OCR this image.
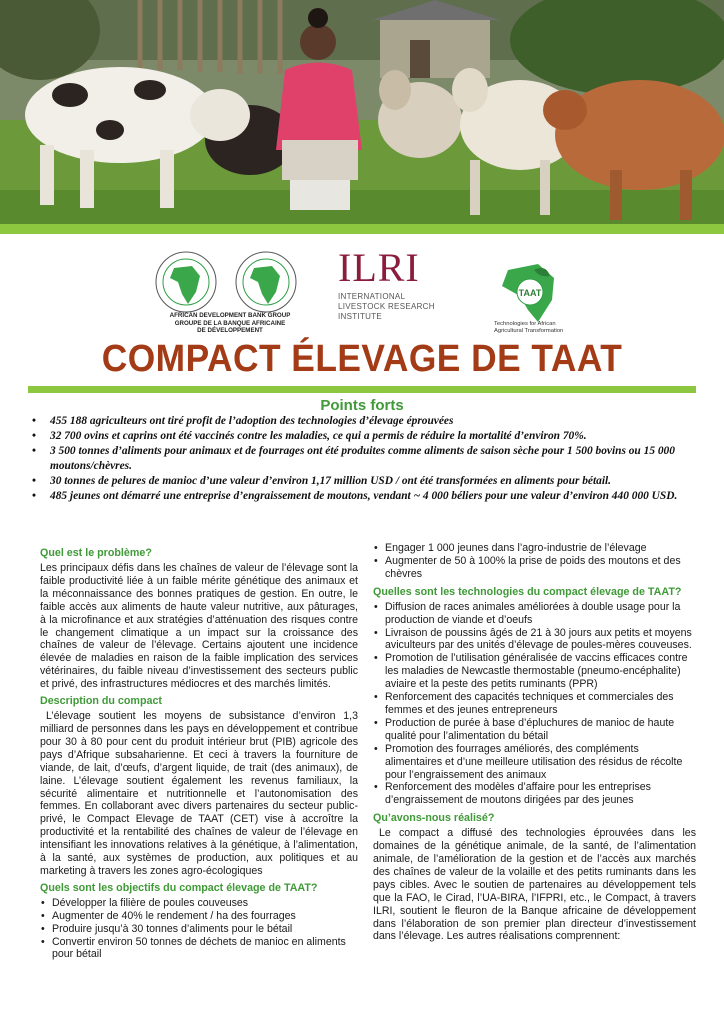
AFRICAN DEVELOPMENT BANK GROUP
GROUPE DE LA BANQUE AFRICAINE
DE DÉVELOPPEMENT
ILRI
INTERNATIONAL
LIVESTOCK RESEARCH
INSTITUTE
TAAT
Technologies for African
Agricultural Transformation
COMPACT ÉLEVAGE DE TAAT
Points forts
• 455 188 agriculteurs ont tiré profit de l’adoption des technologies d’élevage éprouvées
• 32 700 ovins et caprins ont été vaccinés contre les maladies, ce qui a permis de réduire la mortalité d’environ 70%.
• 3 500 tonnes d’aliments pour animaux et de fourrages ont été produites comme aliments de saison sèche pour 1 500 bovins ou 15 000 moutons/chèvres.
• 30 tonnes de pelures de manioc d’une valeur d’environ 1,17 million USD / ont été transformées en aliments pour bétail.
• 485 jeunes ont démarré une entreprise d’engraissement de moutons, vendant ~ 4 000 béliers pour une valeur d’environ 440 000 USD.
Quel est le problème?

Les principaux défis dans les chaînes de valeur de l’élevage sont la faible productivité liée à un faible mérite génétique des animaux et la méconnaissance des bonnes pratiques de gestion. En outre, le faible accès aux aliments de haute valeur nutritive, aux pâturages, à la microfinance et aux stratégies d’atténuation des risques contre le changement climatique a un impact sur la croissance des chaînes de valeur de l’élevage. Certains ajoutent une incidence élevée de maladies en raison de la faible implication des services vétérinaires, du faible niveau d’investissement des secteurs public et privé, des infrastructures médiocres et des marchés limités.

Description du compact

L’élevage soutient les moyens de subsistance d’environ 1,3 milliard de personnes dans les pays en développement et contribue pour 30 à 80 pour cent du produit intérieur brut (PIB) agricole des pays d’Afrique subsaharienne. Et ceci à travers la fourniture de viande, de lait, d’œufs, d’argent liquide, de trait (des animaux), de laine. L’élevage soutient également les revenus familiaux, la sécurité alimentaire et nutritionnelle et l’autonomisation des femmes. En collaborant avec divers partenaires du secteur public-privé, le Compact Elevage de TAAT (CET) vise à accroître la productivité et la rentabilité des chaînes de valeur de l’élevage en intensifiant les innovations relatives à la génétique, à l’alimentation, à la santé, aux systèmes de production, aux politiques et au marketing à travers les zones agro-écologiques

Quels sont les objectifs du compact élevage de TAAT?
• Développer la filière de poules couveuses
• Augmenter de 40% le rendement / ha des fourrages
• Produire jusqu’à 30 tonnes d’aliments pour le bétail
• Convertir environ 50 tonnes de déchets de manioc en aliments pour bétail
• Engager 1 000 jeunes dans l’agro-industrie de l’élevage
• Augmenter de 50 à 100% la prise de poids des moutons et des chèvres
Quelles sont les technologies du compact élevage de TAAT?
• Diffusion de races animales améliorées à double usage pour la production de viande et d’oeufs
• Livraison de poussins âgés de 21 à 30 jours aux petits et moyens aviculteurs par des unités d’élevage de poules-mères couveuses.
• Promotion de l’utilisation généralisée de vaccins efficaces contre les maladies de Newcastle thermostable (pneumo-encéphalite) aviaire et la peste des petits ruminants (PPR)
• Renforcement des capacités techniques et commerciales des femmes et des jeunes entrepreneurs
• Production de purée à base d’épluchures de manioc de haute qualité pour l’alimentation du bétail
• Promotion des fourrages améliorés, des compléments alimentaires et d’une meilleure utilisation des résidus de récolte pour l’engraissement des animaux
• Renforcement des modèles d’affaire pour les entreprises d’engraissement de moutons dirigées par des jeunes
Qu’avons-nous réalisé?

Le compact a diffusé des technologies éprouvées dans les domaines de la génétique animale, de la santé, de l’alimentation animale, de l’amélioration de la gestion et de l’accès aux marchés des chaînes de valeur de la volaille et des petits ruminants dans les pays cibles. Avec le soutien de partenaires au développement tels que la FAO, le Cirad, l’UA-BIRA, l’IFPRI, etc., le Compact, à travers ILRI, soutient le fleuron de la Banque africaine de développement dans l’élaboration de son premier plan directeur d’investissement dans l’élevage. Les autres réalisations comprennent:
